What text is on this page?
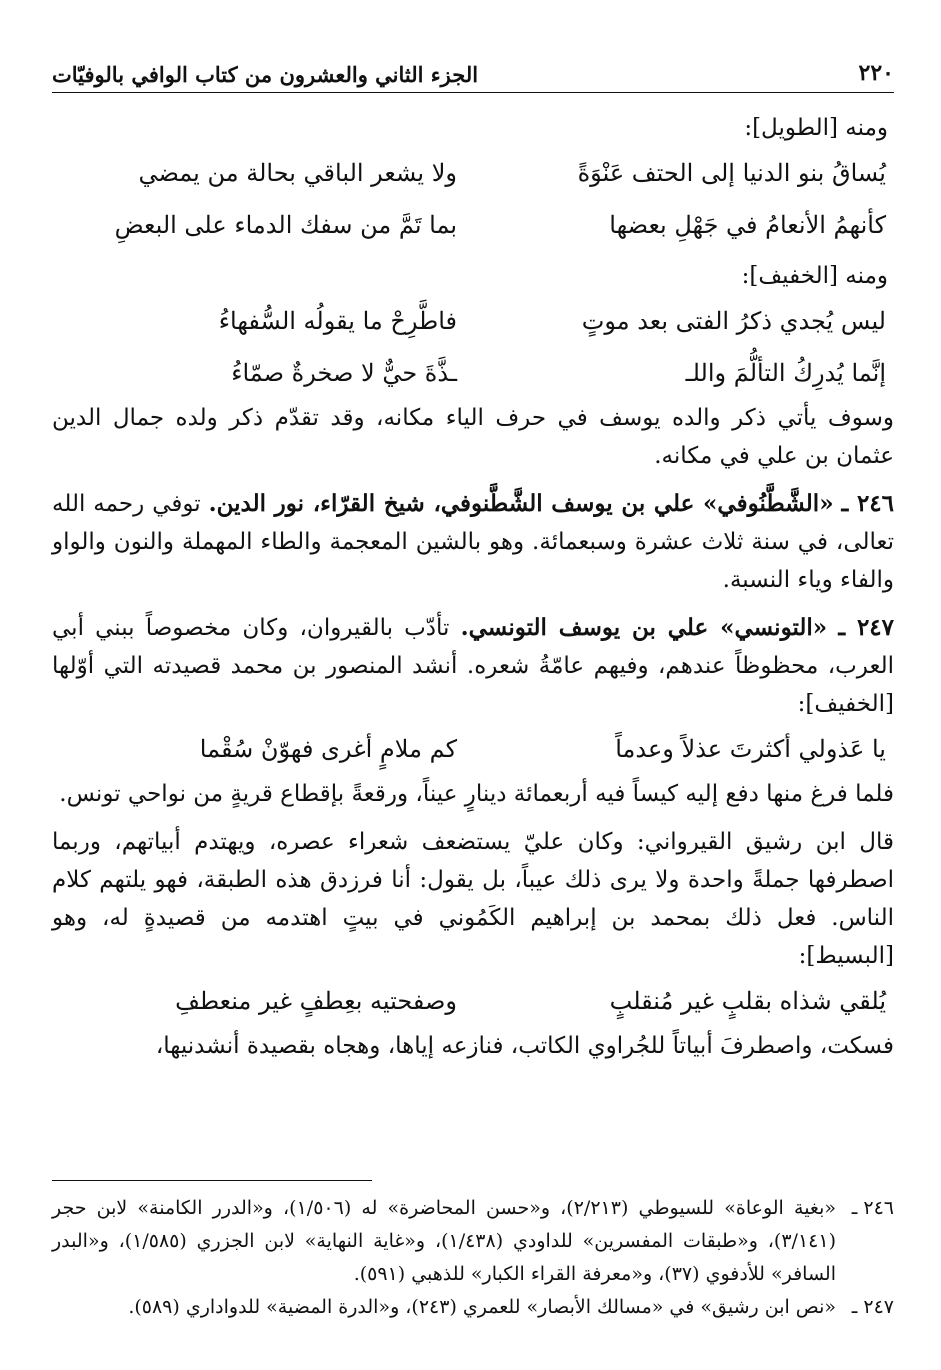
٢٢٠
الجزء الثاني والعشرون من كتاب الوافي بالوفيّات

ومنه [الطويل]:

يُساقُ بنو الدنيا إلى الحتف عَنْوَةً
ولا يشعر الباقي بحالة من يمضي
كأنهمُ الأنعامُ في جَهْلِ بعضها
بما تَمَّ من سفك الدماء على البعضِ

ومنه [الخفيف]:

ليس يُجدي ذكرُ الفتى بعد موتٍ
فاطَّرِحْ ما يقولُه السُّفهاءُ
إنَّما يُدرِكُ التألُّمَ واللـ
ـذَّةَ حيٌّ لا صخرةٌ صمّاءُ

وسوف يأتي ذكر والده يوسف في حرف الياء مكانه، وقد تقدّم ذكر ولده جمال الدين عثمان بن علي في مكانه.

٢٤٦ ـ «الشَّطَّنُوفي» علي بن يوسف الشَّطَّنوفي، شيخ القرّاء، نور الدين. توفي رحمه الله تعالى، في سنة ثلاث عشرة وسبعمائة. وهو بالشين المعجمة والطاء المهملة والنون والواو والفاء وياء النسبة.

٢٤٧ ـ «التونسي» علي بن يوسف التونسي. تأدّب بالقيروان، وكان مخصوصاً ببني أبي العرب، محظوظاً عندهم، وفيهم عامّةُ شعره. أنشد المنصور بن محمد قصيدته التي أوّلها [الخفيف]:

يا عَذولي أكثرتَ عذلاً وعدماً
كم ملامٍ أغرى فهوّنْ سُقْما

فلما فرغ منها دفع إليه كيساً فيه أربعمائة دينارٍ عيناً، ورقعةً بإقطاع قريةٍ من نواحي تونس.

قال ابن رشيق القيرواني: وكان عليّ يستضعف شعراء عصره، ويهتدم أبياتهم، وربما اصطرفها جملةً واحدة ولا يرى ذلك عيباً، بل يقول: أنا فرزدق هذه الطبقة، فهو يلتهم كلام الناس. فعل ذلك بمحمد بن إبراهيم الكَمُوني في بيتٍ اهتدمه من قصيدةٍ له، وهو [البسيط]:

يُلقي شذاه بقلبٍ غير مُنقلبٍ
وصفحتيه بعِطفٍ غير منعطفِ

فسكت، واصطرفَ أبياتاً للجُراوي الكاتب، فنازعه إياها، وهجاه بقصيدة أنشدنيها،

٢٤٦ ـ
«بغية الوعاة» للسيوطي (٢/٢١٣)، و«حسن المحاضرة» له (١/٥٠٦)، و«الدرر الكامنة» لابن حجر (٣/١٤١)، و«طبقات المفسرين» للداودي (١/٤٣٨)، و«غاية النهاية» لابن الجزري (١/٥٨٥)، و«البدر السافر» للأدفوي (٣٧)، و«معرفة القراء الكبار» للذهبي (٥٩١).
٢٤٧ ـ
«نص ابن رشيق» في «مسالك الأبصار» للعمري (٢٤٣)، و«الدرة المضية» للدواداري (٥٨٩).
